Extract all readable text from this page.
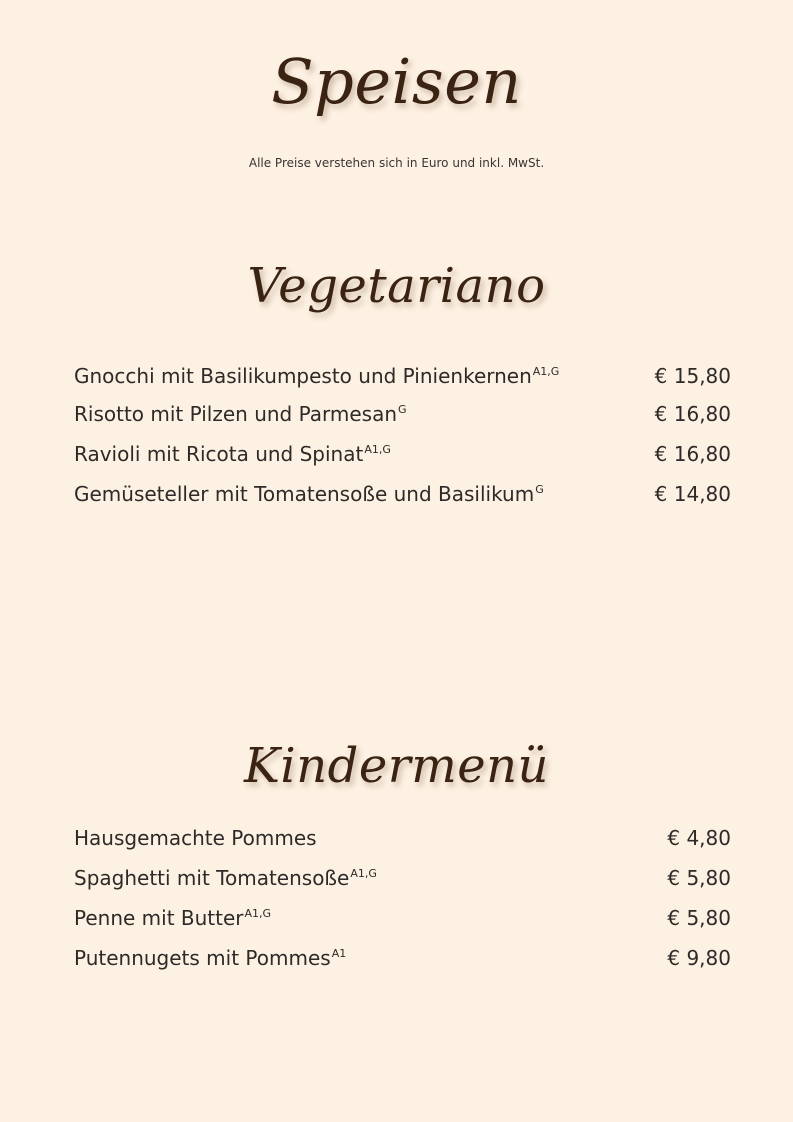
Speisen
Alle Preise verstehen sich in Euro und inkl. MwSt.
Vegetariano
Gnocchi mit Basilikumpesto und Pinienkernen$^{A1,G}$	€ 15,80
Risotto mit Pilzen und Parmesan$^G$	€ 16,80
Ravioli mit Ricota und Spinat$^{A1,G}$	€ 16,80
Gemüseteller mit Tomatensoße und Basilikum$^G$	€ 14,80
Kindermenü
Hausgemachte Pommes	€ 4,80
Spaghetti mit Tomatensoße$^{A1,G}$	€ 5,80
Penne mit Butter$^{A1,G}$	€ 5,80
Putennugets mit Pommes$^{A1}$	€ 9,80
